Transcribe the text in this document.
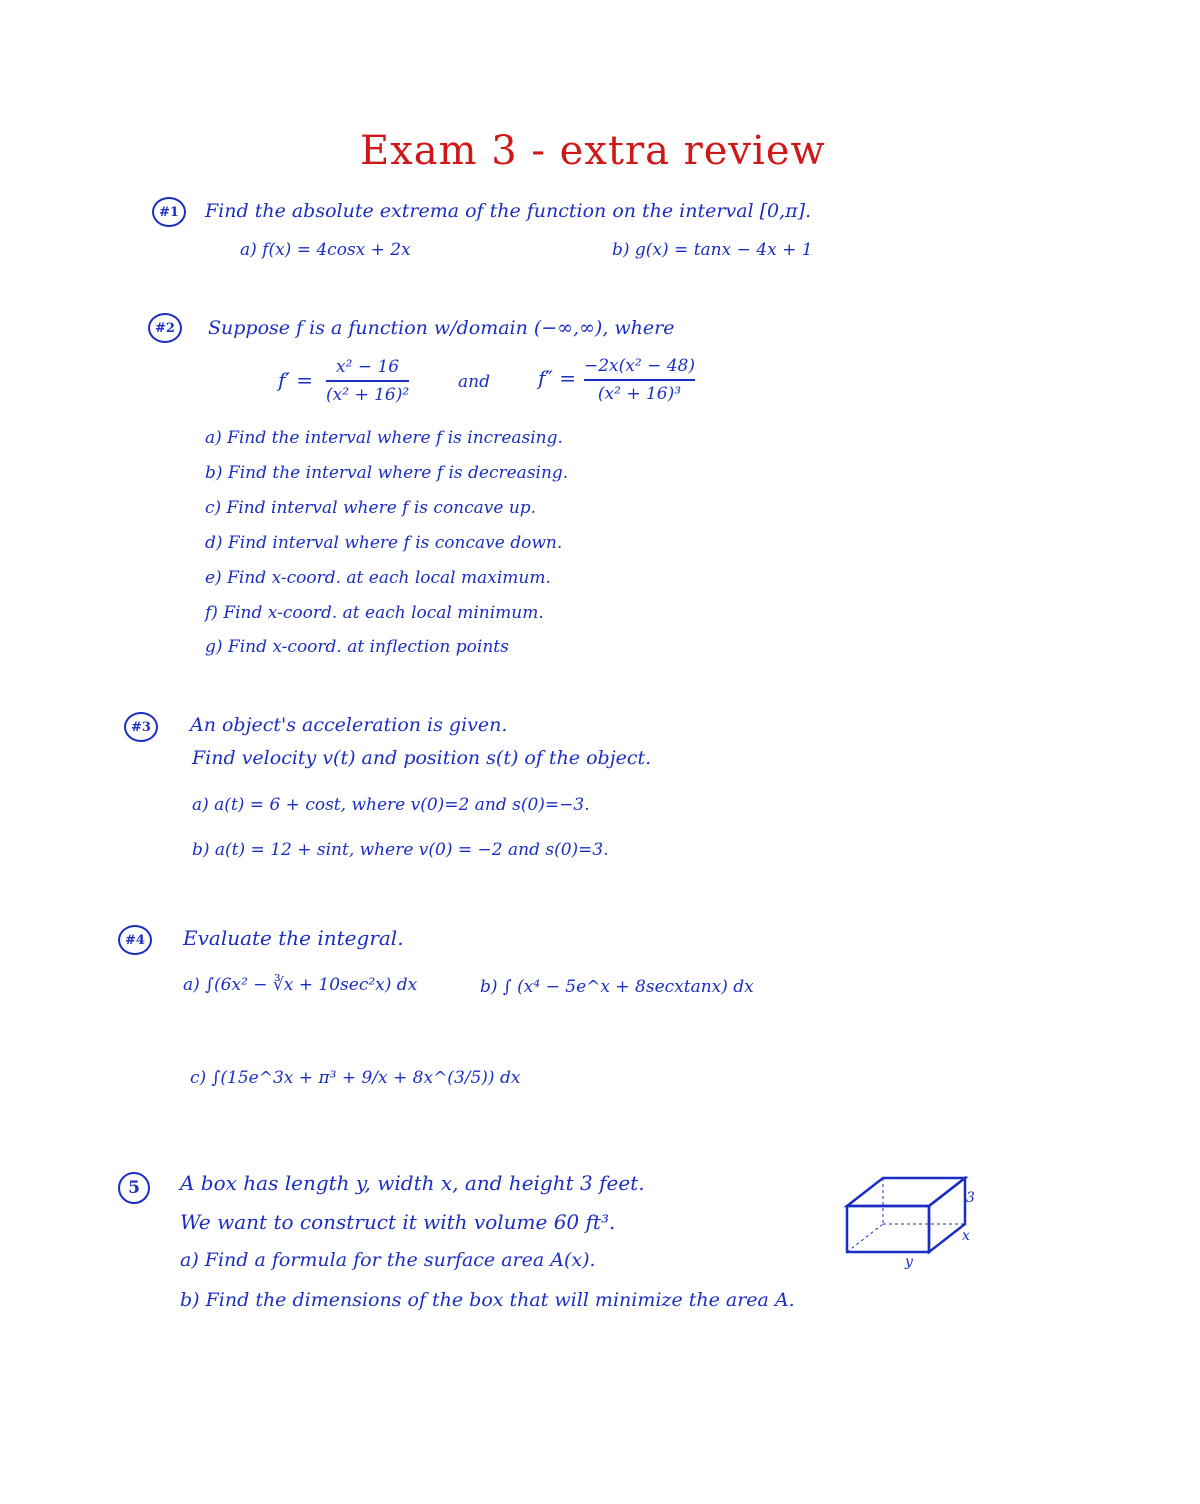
Exam 3 - extra review
#1	Find the absolute extrema of the function on the interval [0,π].
a) f(x) = 4cosx + 2x	b) g(x) = tanx − 4x + 1
#2	Suppose f is a function w/domain (−∞,∞), where
f′ =
x² − 16
(x² + 16)²
and f″ = −2x(x² − 48)
(x² + 16)³
a) Find the interval where f is increasing.
b) Find the interval where f is decreasing.
c) Find interval where f is concave up.
d) Find interval where f is concave down.
e) Find x-coord. at each local maximum.
f) Find x-coord. at each local minimum.
g) Find x-coord. at inflection points
#3	An object's acceleration is given.
Find velocity v(t) and position s(t) of the object.
a) a(t) = 6 + cost, where v(0)=2 and s(0)=−3.
b) a(t) = 12 + sint, where v(0) = −2 and s(0)=3.
#4	Evaluate the integral.
a) ∫(6x² − ∛x + 10sec²x) dx	b) ∫ (x⁴ − 5e^x + 8secxtanx) dx
c) ∫(15e^3x + π³ + 9/x + 8x^(3/5)) dx
5	A box has length y, width x, and height 3 feet.
We want to construct it with volume 60 ft³.
a) Find a formula for the surface area A(x).
b) Find the dimensions of the box that will minimize the area A.
3
x
y
